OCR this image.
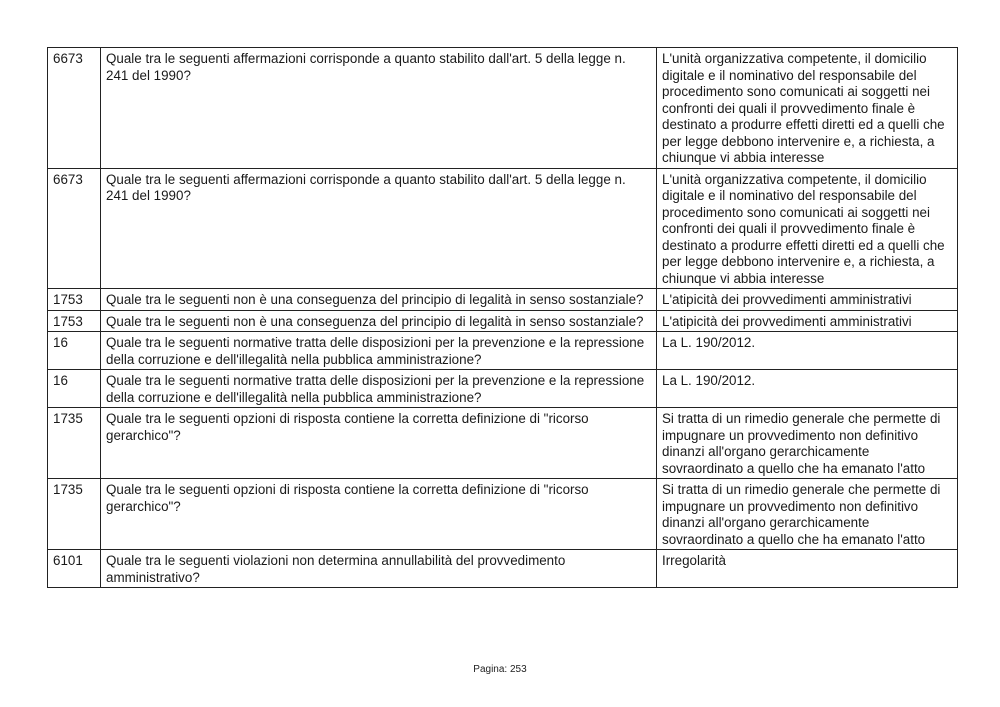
6673	Quale tra le seguenti affermazioni corrisponde a quanto stabilito dall'art. 5 della legge n. 241 del 1990?	L'unità organizzativa competente, il domicilio digitale e il nominativo del responsabile del procedimento sono comunicati ai soggetti nei confronti dei quali il provvedimento finale è destinato a produrre effetti diretti ed a quelli che per legge debbono intervenire e, a richiesta, a chiunque vi abbia interesse
6673	Quale tra le seguenti affermazioni corrisponde a quanto stabilito dall'art. 5 della legge n. 241 del 1990?	L'unità organizzativa competente, il domicilio digitale e il nominativo del responsabile del procedimento sono comunicati ai soggetti nei confronti dei quali il provvedimento finale è destinato a produrre effetti diretti ed a quelli che per legge debbono intervenire e, a richiesta, a chiunque vi abbia interesse
1753	Quale tra le seguenti non è una conseguenza del principio di legalità in senso sostanziale?	L'atipicità dei provvedimenti amministrativi
1753	Quale tra le seguenti non è una conseguenza del principio di legalità in senso sostanziale?	L'atipicità dei provvedimenti amministrativi
16	Quale tra le seguenti normative tratta delle disposizioni per la prevenzione e la repressione della corruzione e dell'illegalità nella pubblica amministrazione?	La L. 190/2012.
16	Quale tra le seguenti normative tratta delle disposizioni per la prevenzione e la repressione della corruzione e dell'illegalità nella pubblica amministrazione?	La L. 190/2012.
1735	Quale tra le seguenti opzioni di risposta contiene la corretta definizione di "ricorso gerarchico"?	Si tratta di un rimedio generale che permette di impugnare un provvedimento non definitivo dinanzi all'organo gerarchicamente sovraordinato a quello che ha emanato l'atto
1735	Quale tra le seguenti opzioni di risposta contiene la corretta definizione di "ricorso gerarchico"?	Si tratta di un rimedio generale che permette di impugnare un provvedimento non definitivo dinanzi all'organo gerarchicamente sovraordinato a quello che ha emanato l'atto
6101	Quale tra le seguenti violazioni non determina annullabilità del provvedimento amministrativo?	Irregolarità
Pagina: 253
